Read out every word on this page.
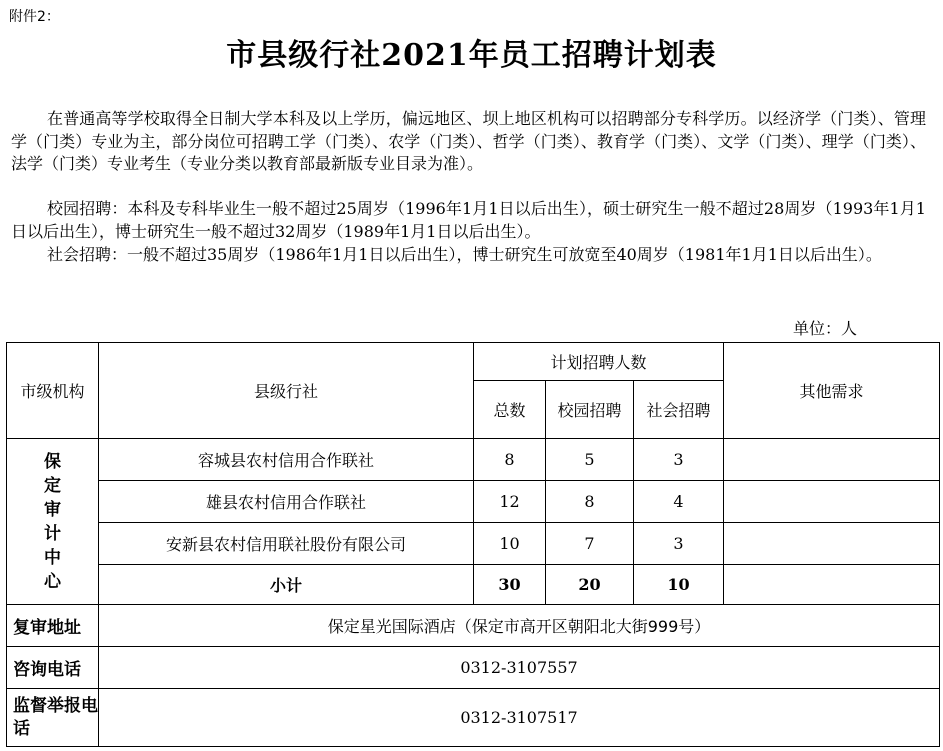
附件2：
市县级行社2021年员工招聘计划表

在普通高等学校取得全日制大学本科及以上学历，偏远地区、坝上地区机构可以招聘部分专科学历。以经济学（门类）、管理学（门类）专业为主，部分岗位可招聘工学（门类）、农学（门类）、哲学（门类）、教育学（门类）、文学（门类）、理学（门类）、法学（门类）专业考生（专业分类以教育部最新版专业目录为准）。

校园招聘：本科及专科毕业生一般不超过25周岁（1996年1月1日以后出生），硕士研究生一般不超过28周岁（1993年1月1日以后出生），博士研究生一般不超过32周岁（1989年1月1日以后出生）。

社会招聘：一般不超过35周岁（1986年1月1日以后出生），博士研究生可放宽至40周岁（1981年1月1日以后出生）。

单位：人
市级机构	县级行社	计划招聘人数			其他需求
		总数	校园招聘	社会招聘	
保定审计中心	容城县农村信用合作联社	8	5	3	
	雄县农村信用合作联社	12	8	4	
	安新县农村信用联社股份有限公司	10	7	3	
	小计	30	20	10	
复审地址	保定星光国际酒店（保定市高开区朝阳北大街999号）				
咨询电话	0312-3107557				
监督举报电话	0312-3107517				
